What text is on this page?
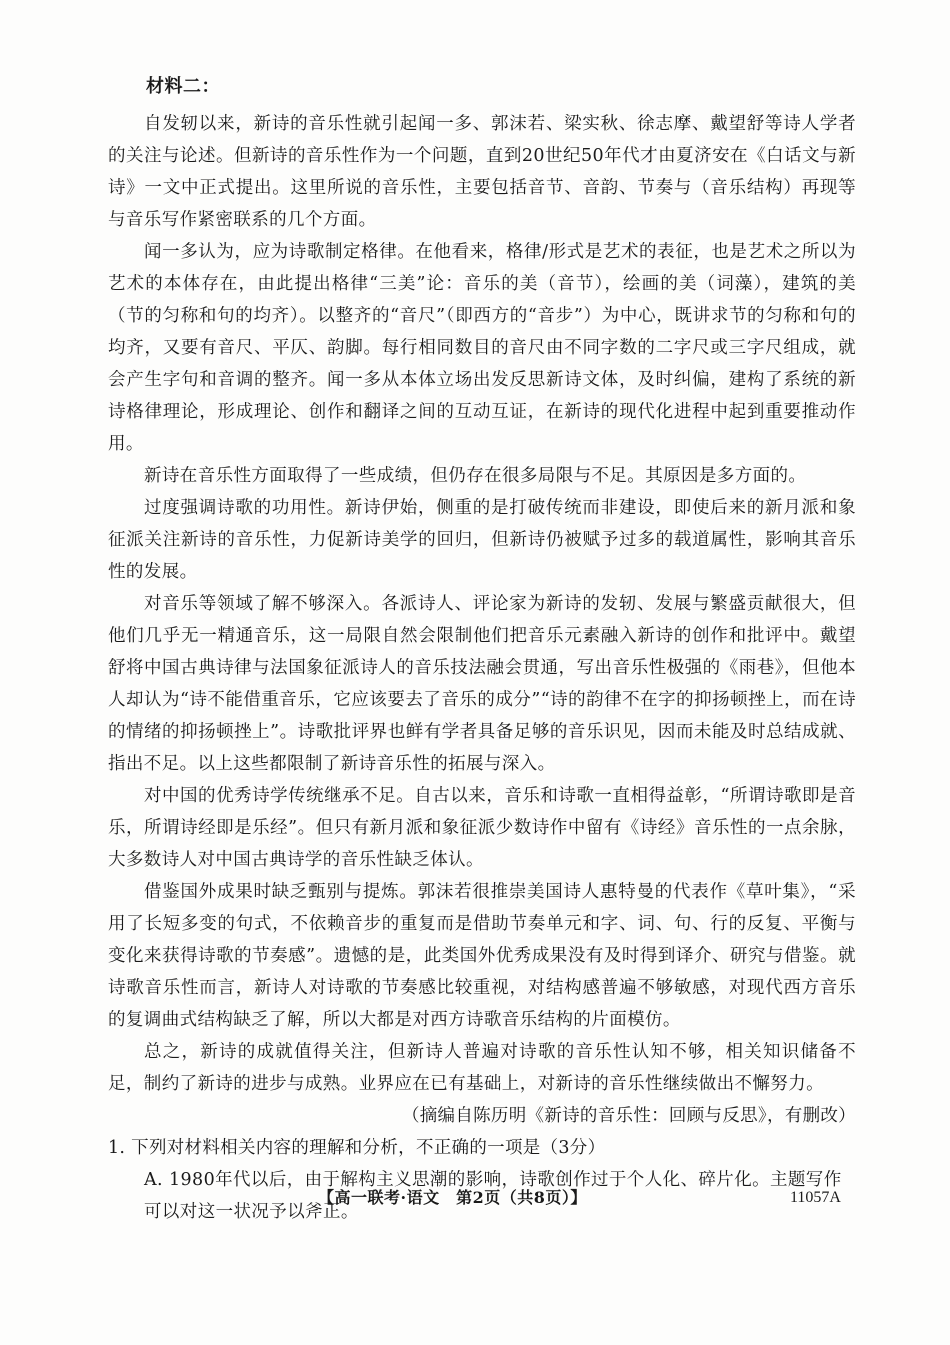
材料二：

自发轫以来，新诗的音乐性就引起闻一多、郭沫若、梁实秋、徐志摩、戴望舒等诗人学者的关注与论述。但新诗的音乐性作为一个问题，直到20世纪50年代才由夏济安在《白话文与新诗》一文中正式提出。这里所说的音乐性，主要包括音节、音韵、节奏与（音乐结构）再现等与音乐写作紧密联系的几个方面。

闻一多认为，应为诗歌制定格律。在他看来，格律/形式是艺术的表征，也是艺术之所以为艺术的本体存在，由此提出格律“三美”论：音乐的美（音节），绘画的美（词藻），建筑的美（节的匀称和句的均齐）。以整齐的“音尺”（即西方的“音步”）为中心，既讲求节的匀称和句的均齐，又要有音尺、平仄、韵脚。每行相同数目的音尺由不同字数的二字尺或三字尺组成，就会产生字句和音调的整齐。闻一多从本体立场出发反思新诗文体，及时纠偏，建构了系统的新诗格律理论，形成理论、创作和翻译之间的互动互证，在新诗的现代化进程中起到重要推动作用。

新诗在音乐性方面取得了一些成绩，但仍存在很多局限与不足。其原因是多方面的。

过度强调诗歌的功用性。新诗伊始，侧重的是打破传统而非建设，即使后来的新月派和象征派关注新诗的音乐性，力促新诗美学的回归，但新诗仍被赋予过多的载道属性，影响其音乐性的发展。

对音乐等领域了解不够深入。各派诗人、评论家为新诗的发轫、发展与繁盛贡献很大，但他们几乎无一精通音乐，这一局限自然会限制他们把音乐元素融入新诗的创作和批评中。戴望舒将中国古典诗律与法国象征派诗人的音乐技法融会贯通，写出音乐性极强的《雨巷》，但他本人却认为“诗不能借重音乐，它应该要去了音乐的成分”“诗的韵律不在字的抑扬顿挫上，而在诗的情绪的抑扬顿挫上”。诗歌批评界也鲜有学者具备足够的音乐识见，因而未能及时总结成就、指出不足。以上这些都限制了新诗音乐性的拓展与深入。

对中国的优秀诗学传统继承不足。自古以来，音乐和诗歌一直相得益彰，“所谓诗歌即是音乐，所谓诗经即是乐经”。但只有新月派和象征派少数诗作中留有《诗经》音乐性的一点余脉，大多数诗人对中国古典诗学的音乐性缺乏体认。

借鉴国外成果时缺乏甄别与提炼。郭沫若很推崇美国诗人惠特曼的代表作《草叶集》，“采用了长短多变的句式，不依赖音步的重复而是借助节奏单元和字、词、句、行的反复、平衡与变化来获得诗歌的节奏感”。遗憾的是，此类国外优秀成果没有及时得到译介、研究与借鉴。就诗歌音乐性而言，新诗人对诗歌的节奏感比较重视，对结构感普遍不够敏感，对现代西方音乐的复调曲式结构缺乏了解，所以大都是对西方诗歌音乐结构的片面模仿。

总之，新诗的成就值得关注，但新诗人普遍对诗歌的音乐性认知不够，相关知识储备不足，制约了新诗的进步与成熟。业界应在已有基础上，对新诗的音乐性继续做出不懈努力。

（摘编自陈历明《新诗的音乐性：回顾与反思》，有删改）

1. 下列对材料相关内容的理解和分析，不正确的一项是（3分）

A. 1980年代以后，由于解构主义思潮的影响，诗歌创作过于个人化、碎片化。主题写作可以对这一状况予以斧正。

【高一联考·语文　第2页（共8页）】	11057A
